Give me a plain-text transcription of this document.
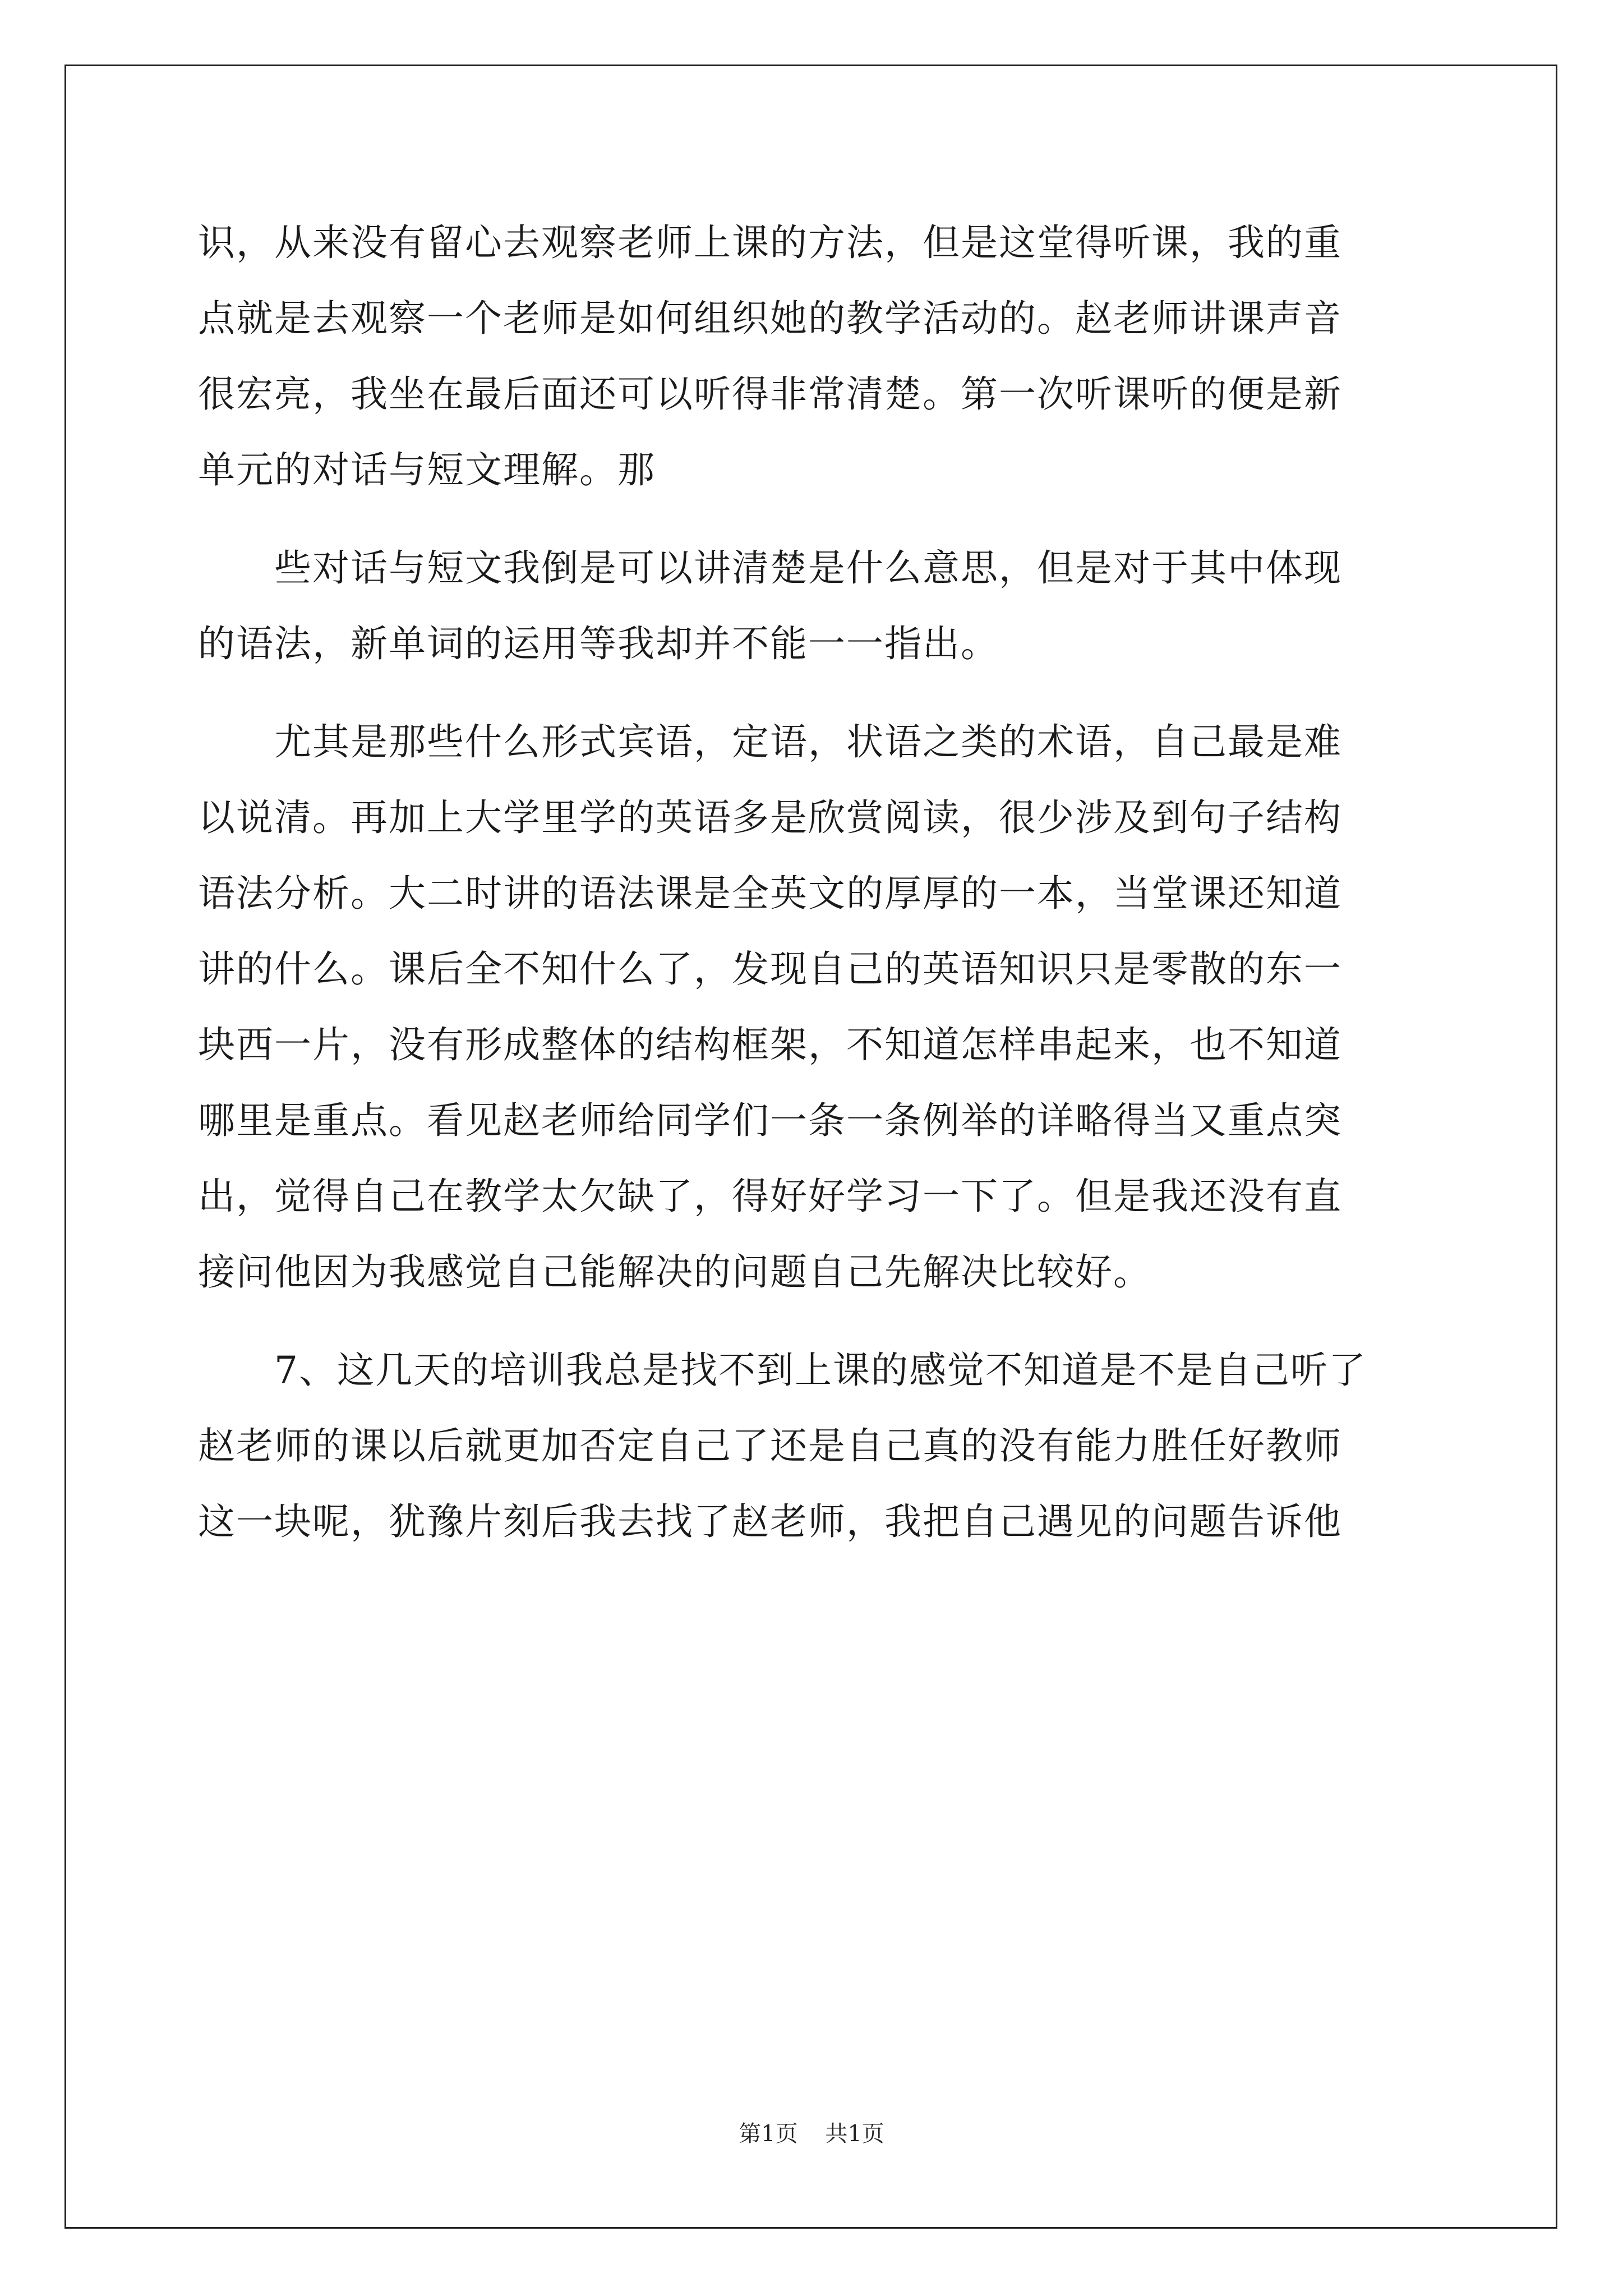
识，从来没有留心去观察老师上课的方法，但是这堂得听课，我的重
点就是去观察一个老师是如何组织她的教学活动的。赵老师讲课声音
很宏亮，我坐在最后面还可以听得非常清楚。第一次听课听的便是新
单元的对话与短文理解。那

　　些对话与短文我倒是可以讲清楚是什么意思，但是对于其中体现
的语法，新单词的运用等我却并不能一一指出。

　　尤其是那些什么形式宾语，定语，状语之类的术语，自己最是难
以说清。再加上大学里学的英语多是欣赏阅读，很少涉及到句子结构
语法分析。大二时讲的语法课是全英文的厚厚的一本，当堂课还知道
讲的什么。课后全不知什么了，发现自己的英语知识只是零散的东一
块西一片，没有形成整体的结构框架，不知道怎样串起来，也不知道
哪里是重点。看见赵老师给同学们一条一条例举的详略得当又重点突
出，觉得自己在教学太欠缺了，得好好学习一下了。但是我还没有直
接问他因为我感觉自己能解决的问题自己先解决比较好。

　　7、这几天的培训我总是找不到上课的感觉不知道是不是自己听了
赵老师的课以后就更加否定自己了还是自己真的没有能力胜任好教师
这一块呢，犹豫片刻后我去找了赵老师，我把自己遇见的问题告诉他

第1页 共1页
